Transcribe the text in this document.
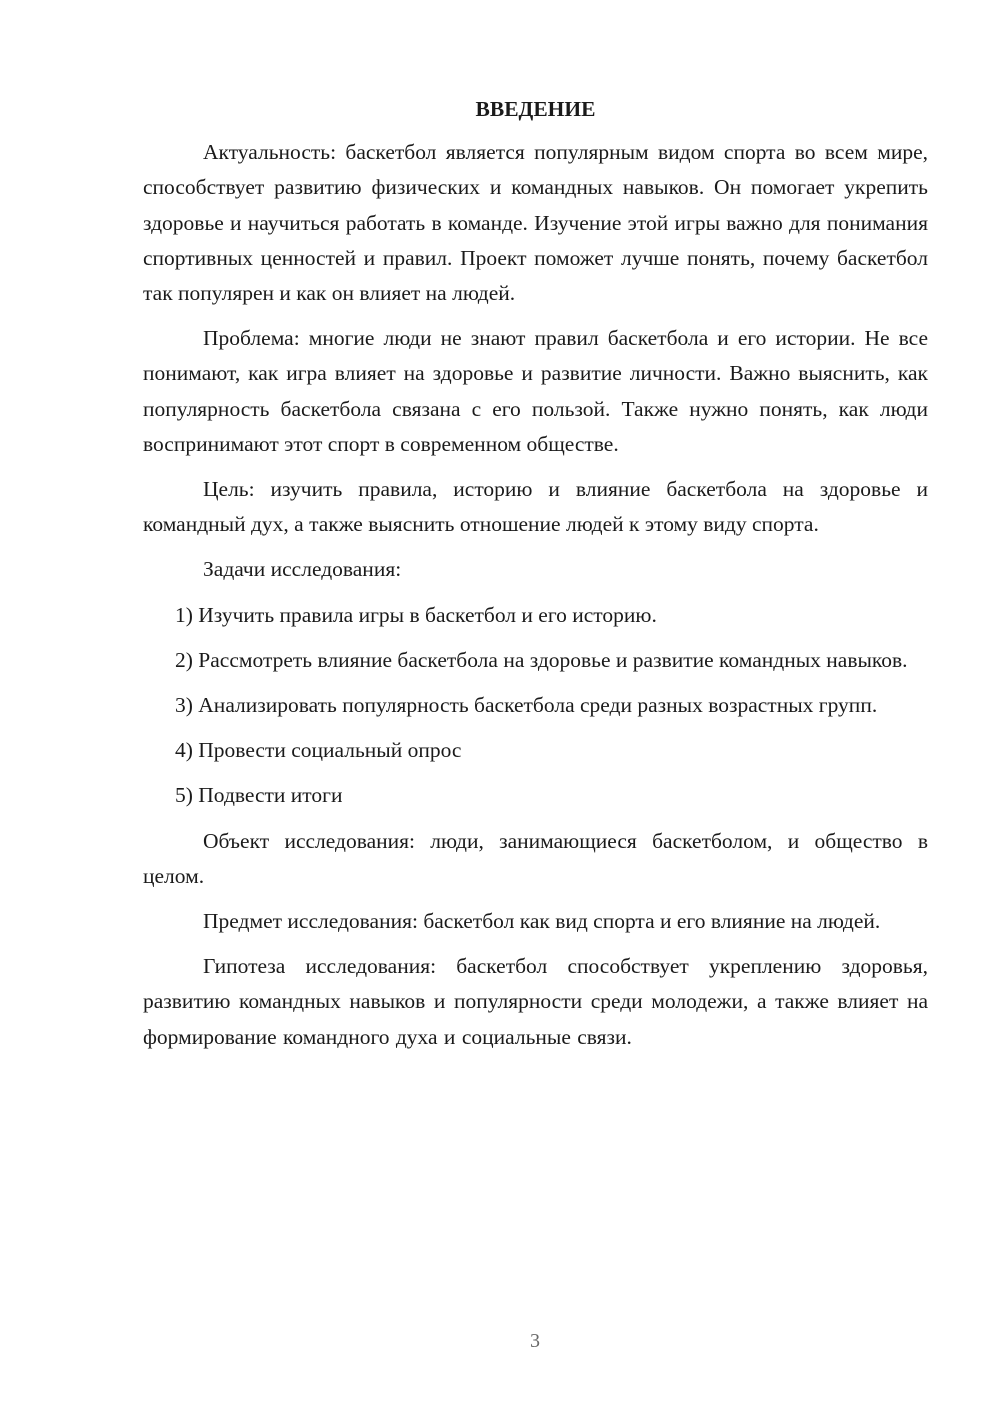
ВВЕДЕНИЕ

Актуальность: баскетбол является популярным видом спорта во всем мире, способствует развитию физических и командных навыков. Он помогает укрепить здоровье и научиться работать в команде. Изучение этой игры важно для понимания спортивных ценностей и правил. Проект поможет лучше понять, почему баскетбол так популярен и как он влияет на людей.

Проблема: многие люди не знают правил баскетбола и его истории. Не все понимают, как игра влияет на здоровье и развитие личности. Важно выяснить, как популярность баскетбола связана с его пользой. Также нужно понять, как люди воспринимают этот спорт в современном обществе.

Цель: изучить правила, историю и влияние баскетбола на здоровье и командный дух, а также выяснить отношение людей к этому виду спорта.

Задачи исследования:

1) Изучить правила игры в баскетбол и его историю.

2) Рассмотреть влияние баскетбола на здоровье и развитие командных навыков.

3) Анализировать популярность баскетбола среди разных возрастных групп.

4) Провести социальный опрос

5) Подвести итоги

Объект исследования: люди, занимающиеся баскетболом, и общество в целом.

Предмет исследования: баскетбол как вид спорта и его влияние на людей.

Гипотеза исследования: баскетбол способствует укреплению здоровья, развитию командных навыков и популярности среди молодежи, а также влияет на формирование командного духа и социальные связи.

3
